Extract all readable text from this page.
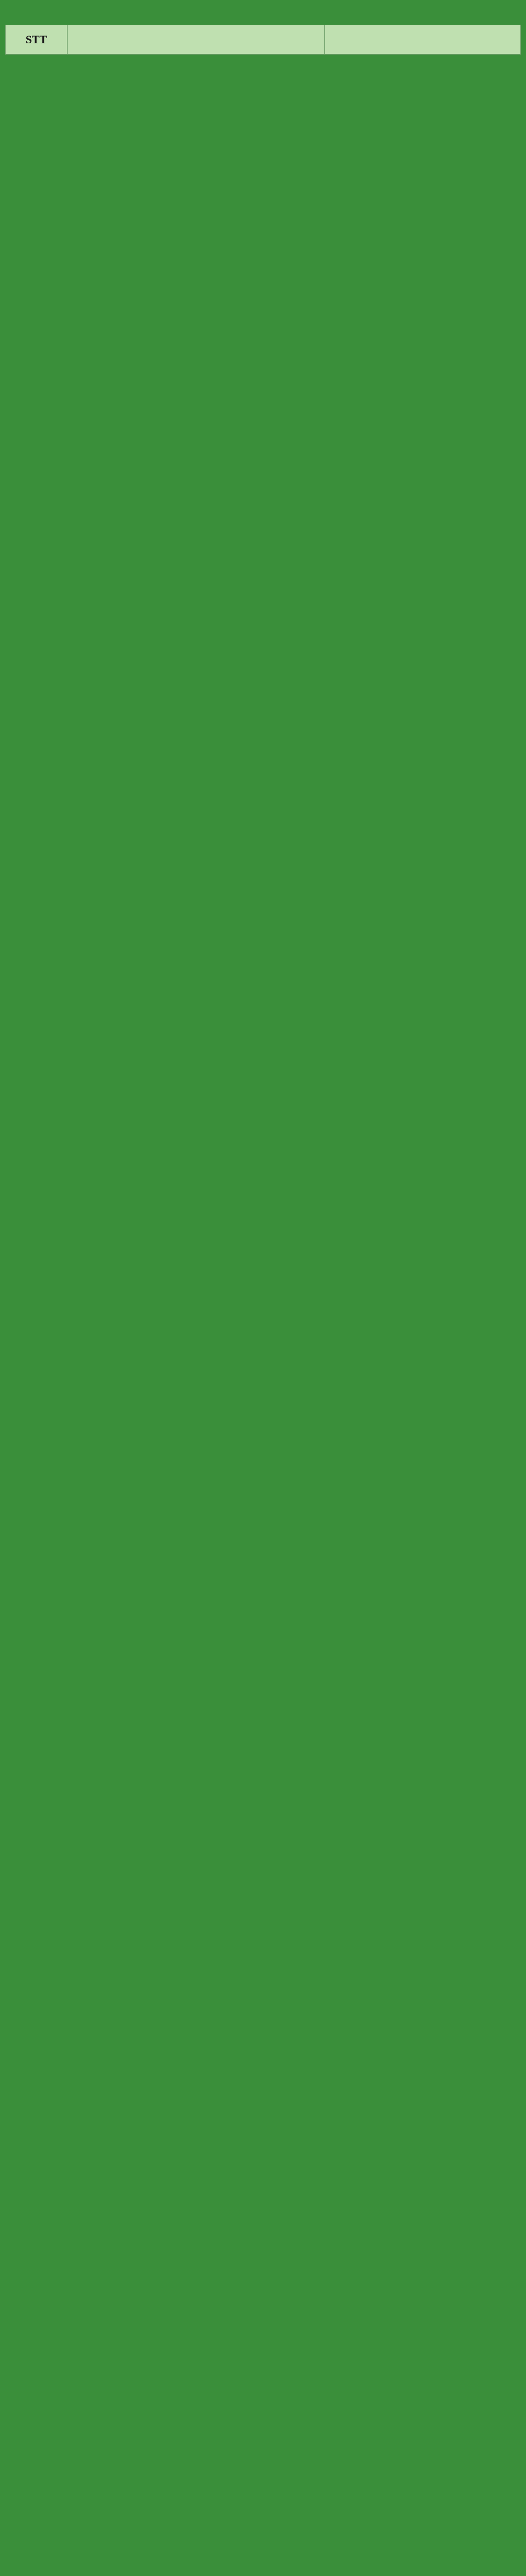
STT		
